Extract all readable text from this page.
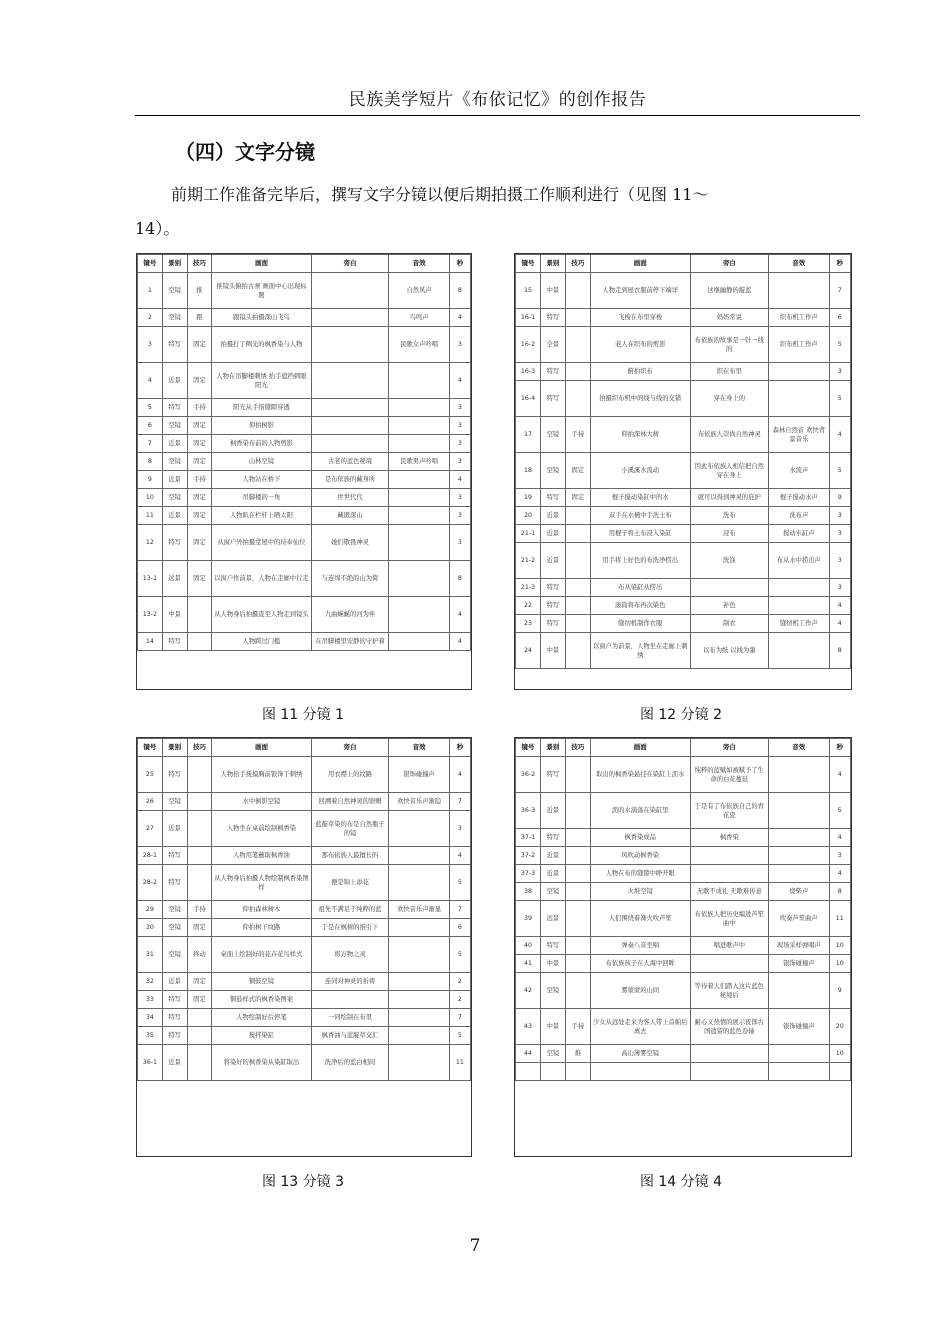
民族美学短片《布依记忆》的创作报告
（四）文字分镜
前期工作准备完毕后，撰写文字分镜以便后期拍摄工作顺利进行（见图 11～
14）。
镜号	景别	技巧	画面	旁白	音效	秒
1	空镜	推	推镜头俯拍古寨 画面中心出现标题		自然风声	8
2	空镜	跟	跟镜头拍摄深山飞鸟		鸟鸣声	4
3	特写	固定	拍摄打了侧光的枫香染与人物		民歌女声吟唱	3
4	近景	固定	人物在吊脚楼刺绣 抬手遮挡刺眼阳光			4
5	特写	手持	阳光从手指缝隙穿透			3
6	空镜	固定	仰拍树影			3
7	近景	固定	枫香染布前的人物剪影			3
8	空镜	固定	山林空镜	古老的蓝色秘境	民歌男声吟唱	3
9	近景	手持	人物站在桥下	是布依族的藏身所		4
10	空镜	固定	吊脚楼的一角	世世代代		3
11	近景	固定	人物趴在栏杆上晒太阳	藏匿深山		3
12	特写	固定	从窗户外拍摄堂屋中的侍奉仙位	她们敬畏神灵		3
13-1	远景	固定	以窗户作前景，人物在走廊中行走	与连绵不绝的山为倚		8
13-2	中景		从人物身后拍摄直至人物走到镜头	九曲蜿蜒的河为伴		4
14	特写		人物跨过门槛	在吊脚楼里安静的守护着		4
图 11 分镜 1
镜号	景别	技巧	画面	旁白	音效	秒
15	中景		人物走到屋衣服前停下端详	这继幽静的靛蓝		7
16-1	特写		飞梭在布里穿梭	妈妈常说	织布机工作声	6
16-2	全景		老人在织布的剪影	布依族的故事是一针一线的	织布机工作声	5
16-3	特写		俯拍织布	织在布里		3
16-4	特写		拍摄织布机中的线与线的交错	穿在身上的		5
17	空镜	手持	仰拍深林大树	布依族人崇尚自然神灵	森林自然音 欢快背景音乐	4
18	空镜	固定	小溪溪水流动	因此布依族人相信把自然穿在身上	水流声	5
19	特写	固定	棍子搅动染缸中的水	就可以得到神灵的庇护	棍子搅动水声	9
20	近景		双手在水桶中手洗土布	洗布	洗布声	3
21-1	近景		用棍子将土布浸入染缸	浸布	搅动水缸声	3
21-2	近景		用手将上好色的布洗净捞出	洗涤	布从水中捞出声	3
21-3	特写		布从染缸从捞出			3
22	特写		滚筒将布再次染色	补色		4
23	特写		缝纫机制作衣服	制衣	缝纫机工作声	4
24	中景		以窗户为前景，人物坐在走廊上刺绣	以布为纸 以线为墨		8
图 12 分镜 2
镜号	景别	技巧	画面	旁白	音效	秒
25	特写		人物抬手抚摸胸前银饰于刺绣	用衣襟上的纹路	银饰碰撞声	4
26	空镜		水中倒影空镜	回溯着自然神灵的馈赠	欢快音乐声渐隐	7
27	近景		人物坐在桌前绘制枫香染	蓝靛草染的布是自然瓶子的镜		3
28-1	特写		人物用笔蘸取枫香油	那布依族人最擅长的		4
28-2	特写		从人物身后拍摄人物绘制枫香染图样	便是锦上添花		5
29	空镜	手持	仰拍森林树木	祖先不满足于纯粹的蓝	欢快音乐声渐显	7
30	空镜	固定	仰拍树干纹路	于是在枫树的指引下		6
31	空镜	移动	桌面上绘制好的花卉花鸟样式	将万物之灵		5
32	近景	固定	铜鼓空镜	连同对神灵的祈祷		2
33	特写	固定	铜鼓样式的枫香染图案			2
34	特写		人物绘制好后停笔	一同绘制在布里		7
35	特写		搅拌染缸	枫香油与蓝靛草交汇		5
36-1	近景		将染好的枫香染从染缸取出	洗净后的蓝白相间		11
图 13 分镜 3
镜号	景别	技巧	画面	旁白	音效	秒
36-2	特写		取出的枫香染悬挂在染缸上沥水	纯粹的蓝赋如被赋予了生命的白花蔓延		4
36-3	近景		沥的水滴落在染缸里	于是有了布依族自己的青花瓷		5
37-1	特写		枫香染成品	枫香染		4
37-2	近景		风吹动枫香染			3
37-3	近景		人物在布的缝隙中睁开眼			4
38	空镜		火堆空镜	无歌不成礼 无歌难传意	烧柴声	8
39	远景		人们围绕着篝火吹芦笙	布依族人把历史编进芦笙曲中	吹奏芦笙曲声	11
40	特写		弹奏八音坐唱	唱进歌声中	现场采样弹唱声	10
41	中景		布依族孩子在人海中回眸		银饰碰撞声	10
42	空镜		雾蒙蒙的山间	等待着人们踏入这片蓝色秘境后		9
43	中景	手持	少女从远处走来为客人带上首帕后离去	耐心又热情的展示夜郎古国遗留的蓝色卷轴	银饰碰撞声	20
44	空镜	推	高山薄雾空镜			10

图 14 分镜 4
7
